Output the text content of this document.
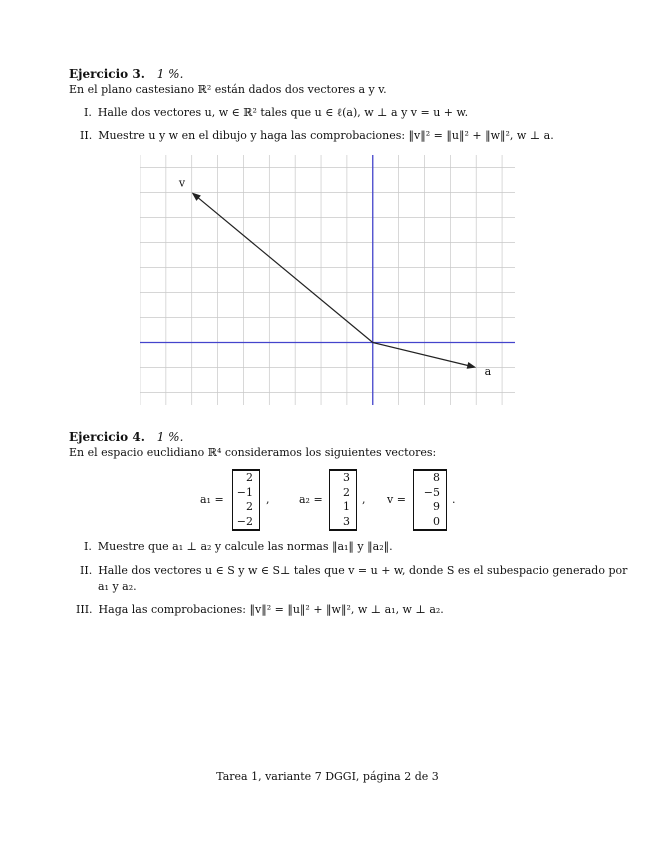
Ejercicio 3. 1 %.
En el plano castesiano ℝ² están dados dos vectores a y v.
I. Halle dos vectores u, w ∈ ℝ² tales que u ∈ ℓ(a), w ⊥ a y v = u + w.
II. Muestre u y w en el dibujo y haga las comprobaciones: ‖v‖² = ‖u‖² + ‖w‖², w ⊥ a.
v
a
Ejercicio 4. 1 %.
En el espacio euclidiano ℝ⁴ consideramos los siguientes vectores:
a₁ =
2
−1
2
−2
,	a₂ =
3
2
1
3
, v =
8
−5
9
0
.
I. Muestre que a₁ ⊥ a₂ y calcule las normas ‖a₁‖ y ‖a₂‖.
II. Halle dos vectores u ∈ S y w ∈ S⊥ tales que v = u + w, donde S es el subespacio generado por
a₁ y a₂.
III. Haga las comprobaciones: ‖v‖² = ‖u‖² + ‖w‖², w ⊥ a₁, w ⊥ a₂.
Tarea 1, variante 7 DGGI, página 2 de 3
